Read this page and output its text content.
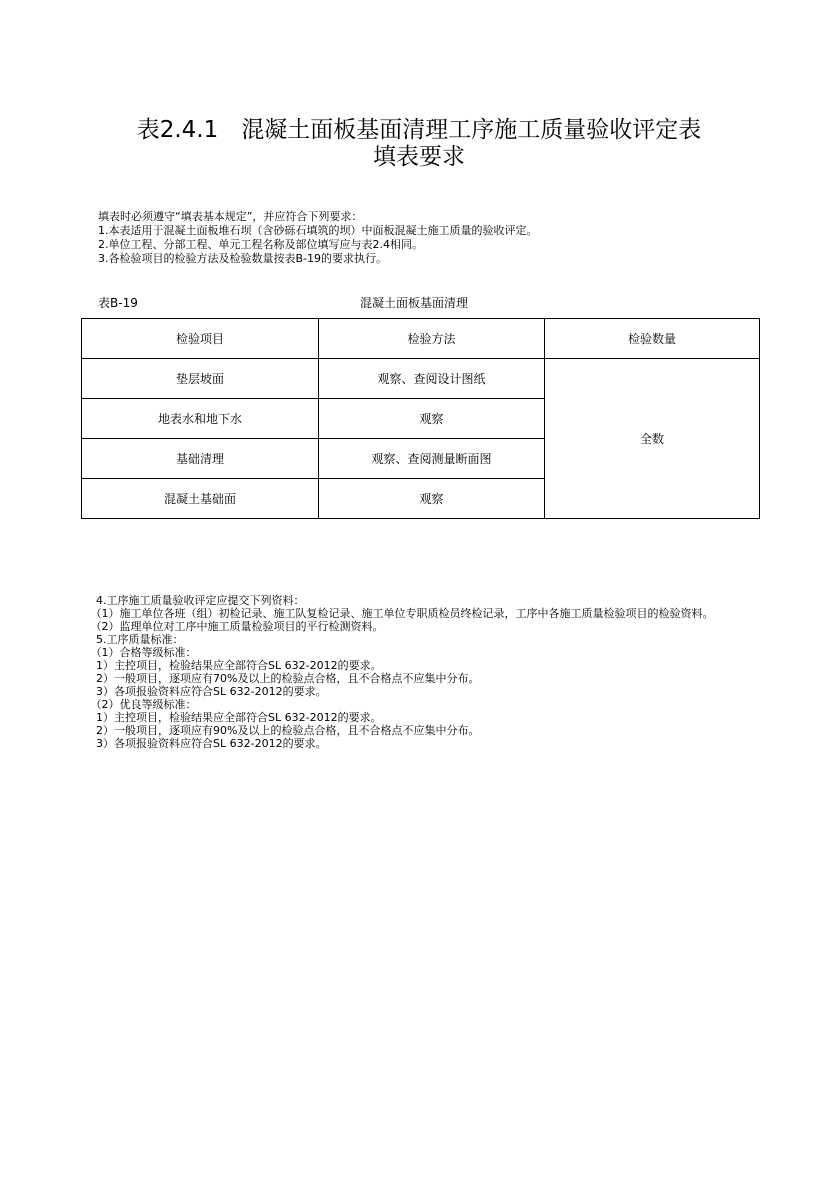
表2.4.1　混凝土面板基面清理工序施工质量验收评定表
填表要求
填表时必须遵守“填表基本规定”，并应符合下列要求：
1.本表适用于混凝土面板堆石坝（含砂砾石填筑的坝）中面板混凝土施工质量的验收评定。
2.单位工程、分部工程、单元工程名称及部位填写应与表2.4相同。
3.各检验项目的检验方法及检验数量按表B-19的要求执行。
表B-19	混凝土面板基面清理
检验项目	检验方法	检验数量
垫层坡面	观察、查阅设计图纸	全数
地表水和地下水	观察	
基础清理	观察、查阅测量断面图	
混凝土基础面	观察	
　4.工序施工质量验收评定应提交下列资料：
　（1）施工单位各班（组）初检记录、施工队复检记录、施工单位专职质检员终检记录，工序中各施工质量检验项目的检验资料。
　（2）监理单位对工序中施工质量检验项目的平行检测资料。
　5.工序质量标准：
　（1）合格等级标准：
　1）主控项目，检验结果应全部符合SL 632-2012的要求。
　2）一般项目，逐项应有70%及以上的检验点合格，且不合格点不应集中分布。
　3）各项报验资料应符合SL 632-2012的要求。
　（2）优良等级标准：
　1）主控项目，检验结果应全部符合SL 632-2012的要求。
　2）一般项目，逐项应有90%及以上的检验点合格，且不合格点不应集中分布。
　3）各项报验资料应符合SL 632-2012的要求。
